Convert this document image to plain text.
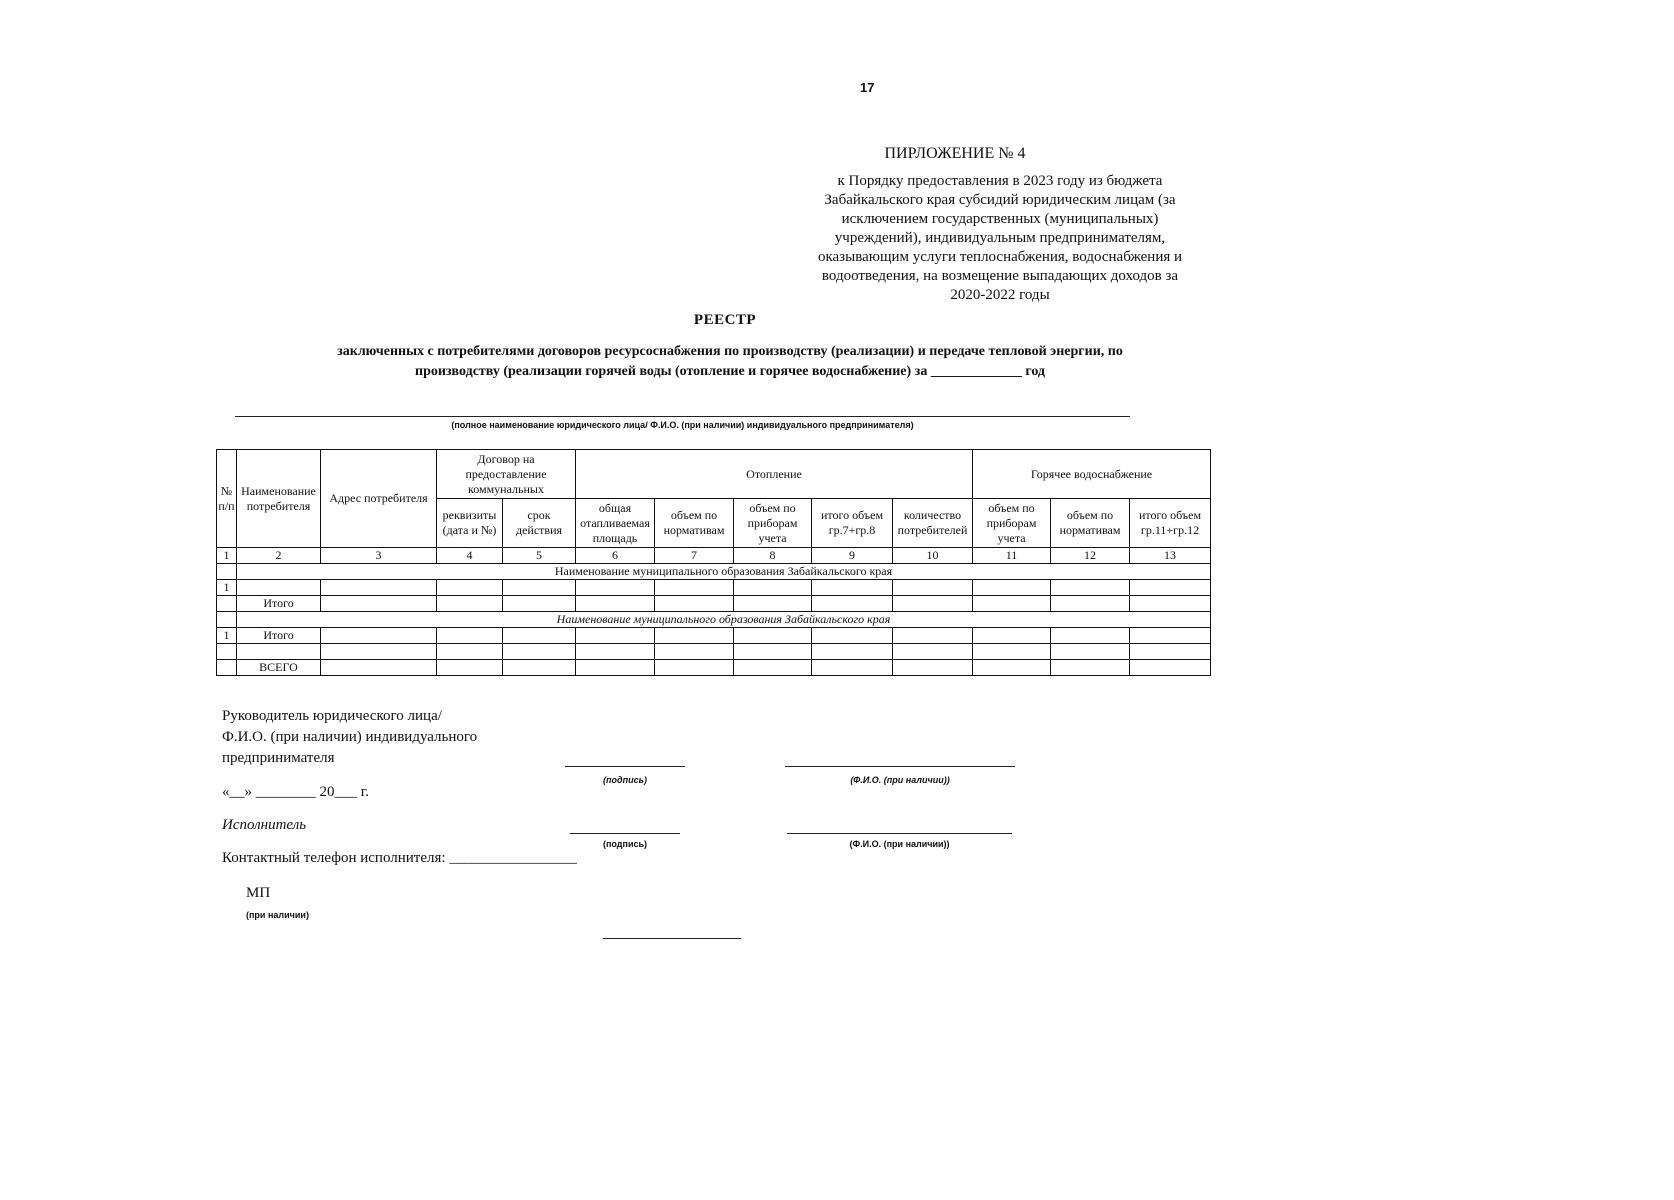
17
ПИРЛОЖЕНИЕ № 4
к Порядку предоставления в 2023 году из бюджета Забайкальского края субсидий юридическим лицам (за исключением государственных (муниципальных) учреждений), индивидуальным предпринимателям, оказывающим услуги теплоснабжения, водоснабжения и водоотведения, на возмещение выпадающих доходов за 2020-2022 годы
РЕЕСТР
заключенных с потребителями договоров ресурсоснабжения по производству (реализации) и передаче тепловой энергии, по
производству (реализации горячей воды (отопление и горячее водоснабжение) за _____________ год
(полное наименование юридического лица/ Ф.И.О. (при наличии) индивидуального предпринимателя)
№ п/п	Наименование потребителя	Адрес потребителя	Договор на предоставление коммунальных		Отопление					Горячее водоснабжение		
			реквизиты (дата и №)	срок действия	общая отапливаемая площадь	объем по нормативам	объем по приборам учета	итого объем гр.7+гр.8	количество потребителей	объем по приборам учета	объем по нормативам	итого объем гр.11+гр.12
1	2	3	4	5	6	7	8	9	10	11	12	13
	Наименование муниципального образования Забайкальского края											
1												
	Итого											
	Наименование муниципального образования Забайкальского края											
1	Итого											

	ВСЕГО											
Руководитель юридического лица/
Ф.И.О. (при наличии) индивидуального
предпринимателя
(подпись)	(Ф.И.О. (при наличии))
«__» ________ 20___ г.
Исполнитель
(подпись)	(Ф.И.О. (при наличии))
Контактный телефон исполнителя: _________________
МП
(при наличии)
